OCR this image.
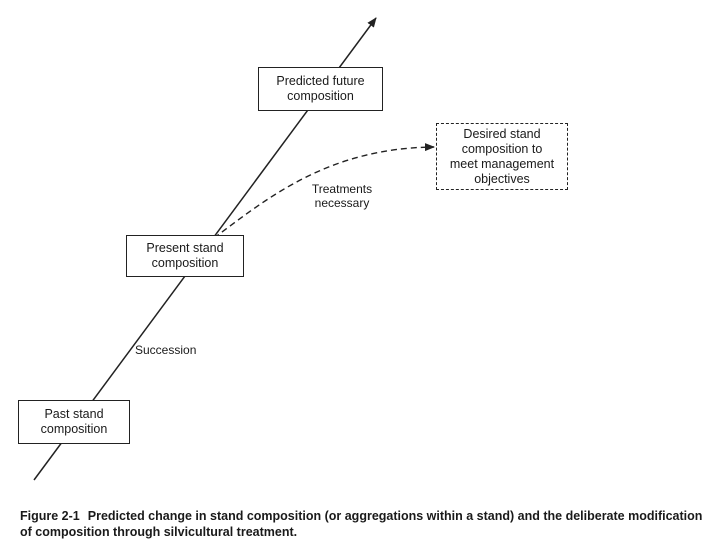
Predicted future
composition
Present stand
composition
Past stand
composition
Desired stand
composition to
meet management
objectives
Succession
Treatments
necessary
Figure 2-1 Predicted change in stand composition (or aggregations within a stand) and the deliberate modification of composition through silvicultural treatment.
